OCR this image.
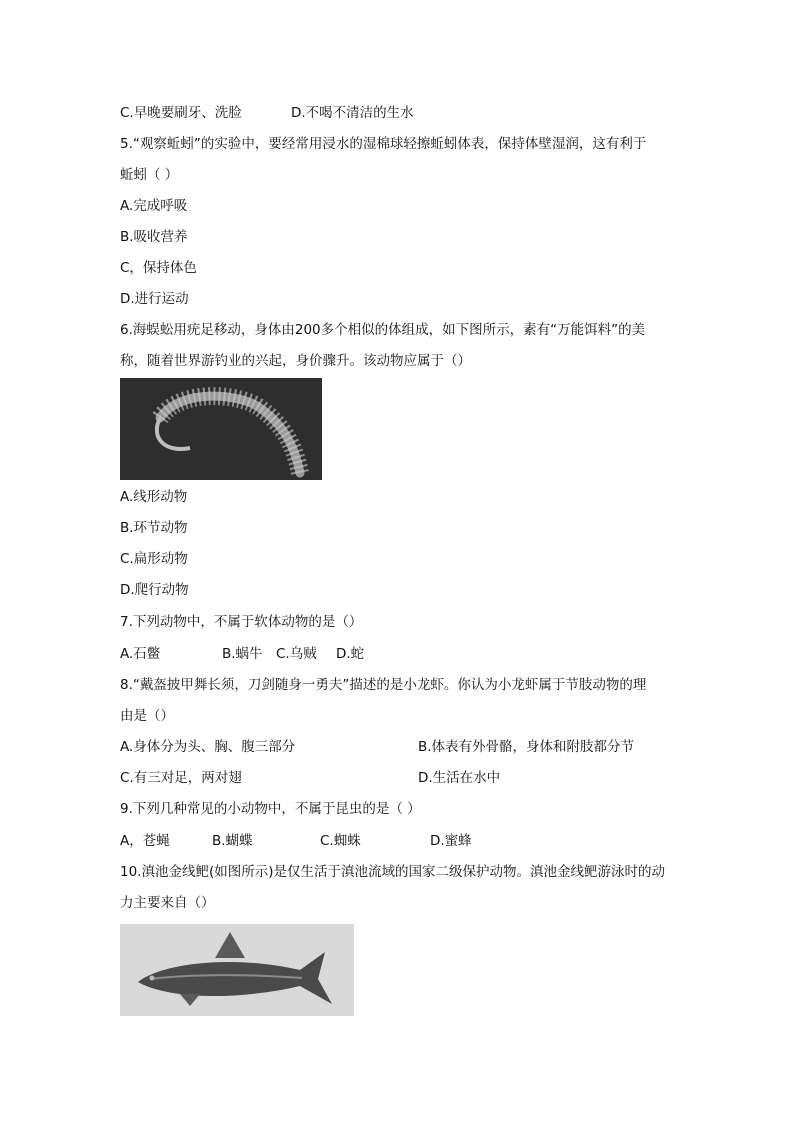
C.早晚要刷牙、洗脸	D.不喝不清洁的生水
5.“观察蚯蚓”的实验中，要经常用浸水的湿棉球轻擦蚯蚓体表，保持体壁湿润，这有利于
蚯蚓（ ）
A.完成呼吸
B.吸收营养
C，保持体色
D.进行运动
6.海蜈蚣用疣足移动，身体由200多个相似的体组成，如下图所示，素有“万能饵料”的美
称，随着世界游钓业的兴起，身价骤升。该动物应属于（）
A.线形动物
B.环节动物
C.扁形动物
D.爬行动物
7.下列动物中，不属于软体动物的是（）
A.石鳖	B.蜗牛 C.乌贼 D.蛇
8.“戴盔披甲舞长须，刀剑随身一勇夫”描述的是小龙虾。你认为小龙虾属于节肢动物的理
由是（）
A.身体分为头、胸、腹三部分	B.体表有外骨骼，身体和附肢都分节
C.有三对足，两对翅	D.生活在水中
9.下列几种常见的小动物中，不属于昆虫的是（ ）
A，苍蝇	B.蝴蝶	C.蜘蛛	D.蜜蜂
10.滇池金线鲃(如图所示)是仅生活于滇池流域的国家二级保护动物。滇池金线鲃游泳时的动
力主要来自（）
